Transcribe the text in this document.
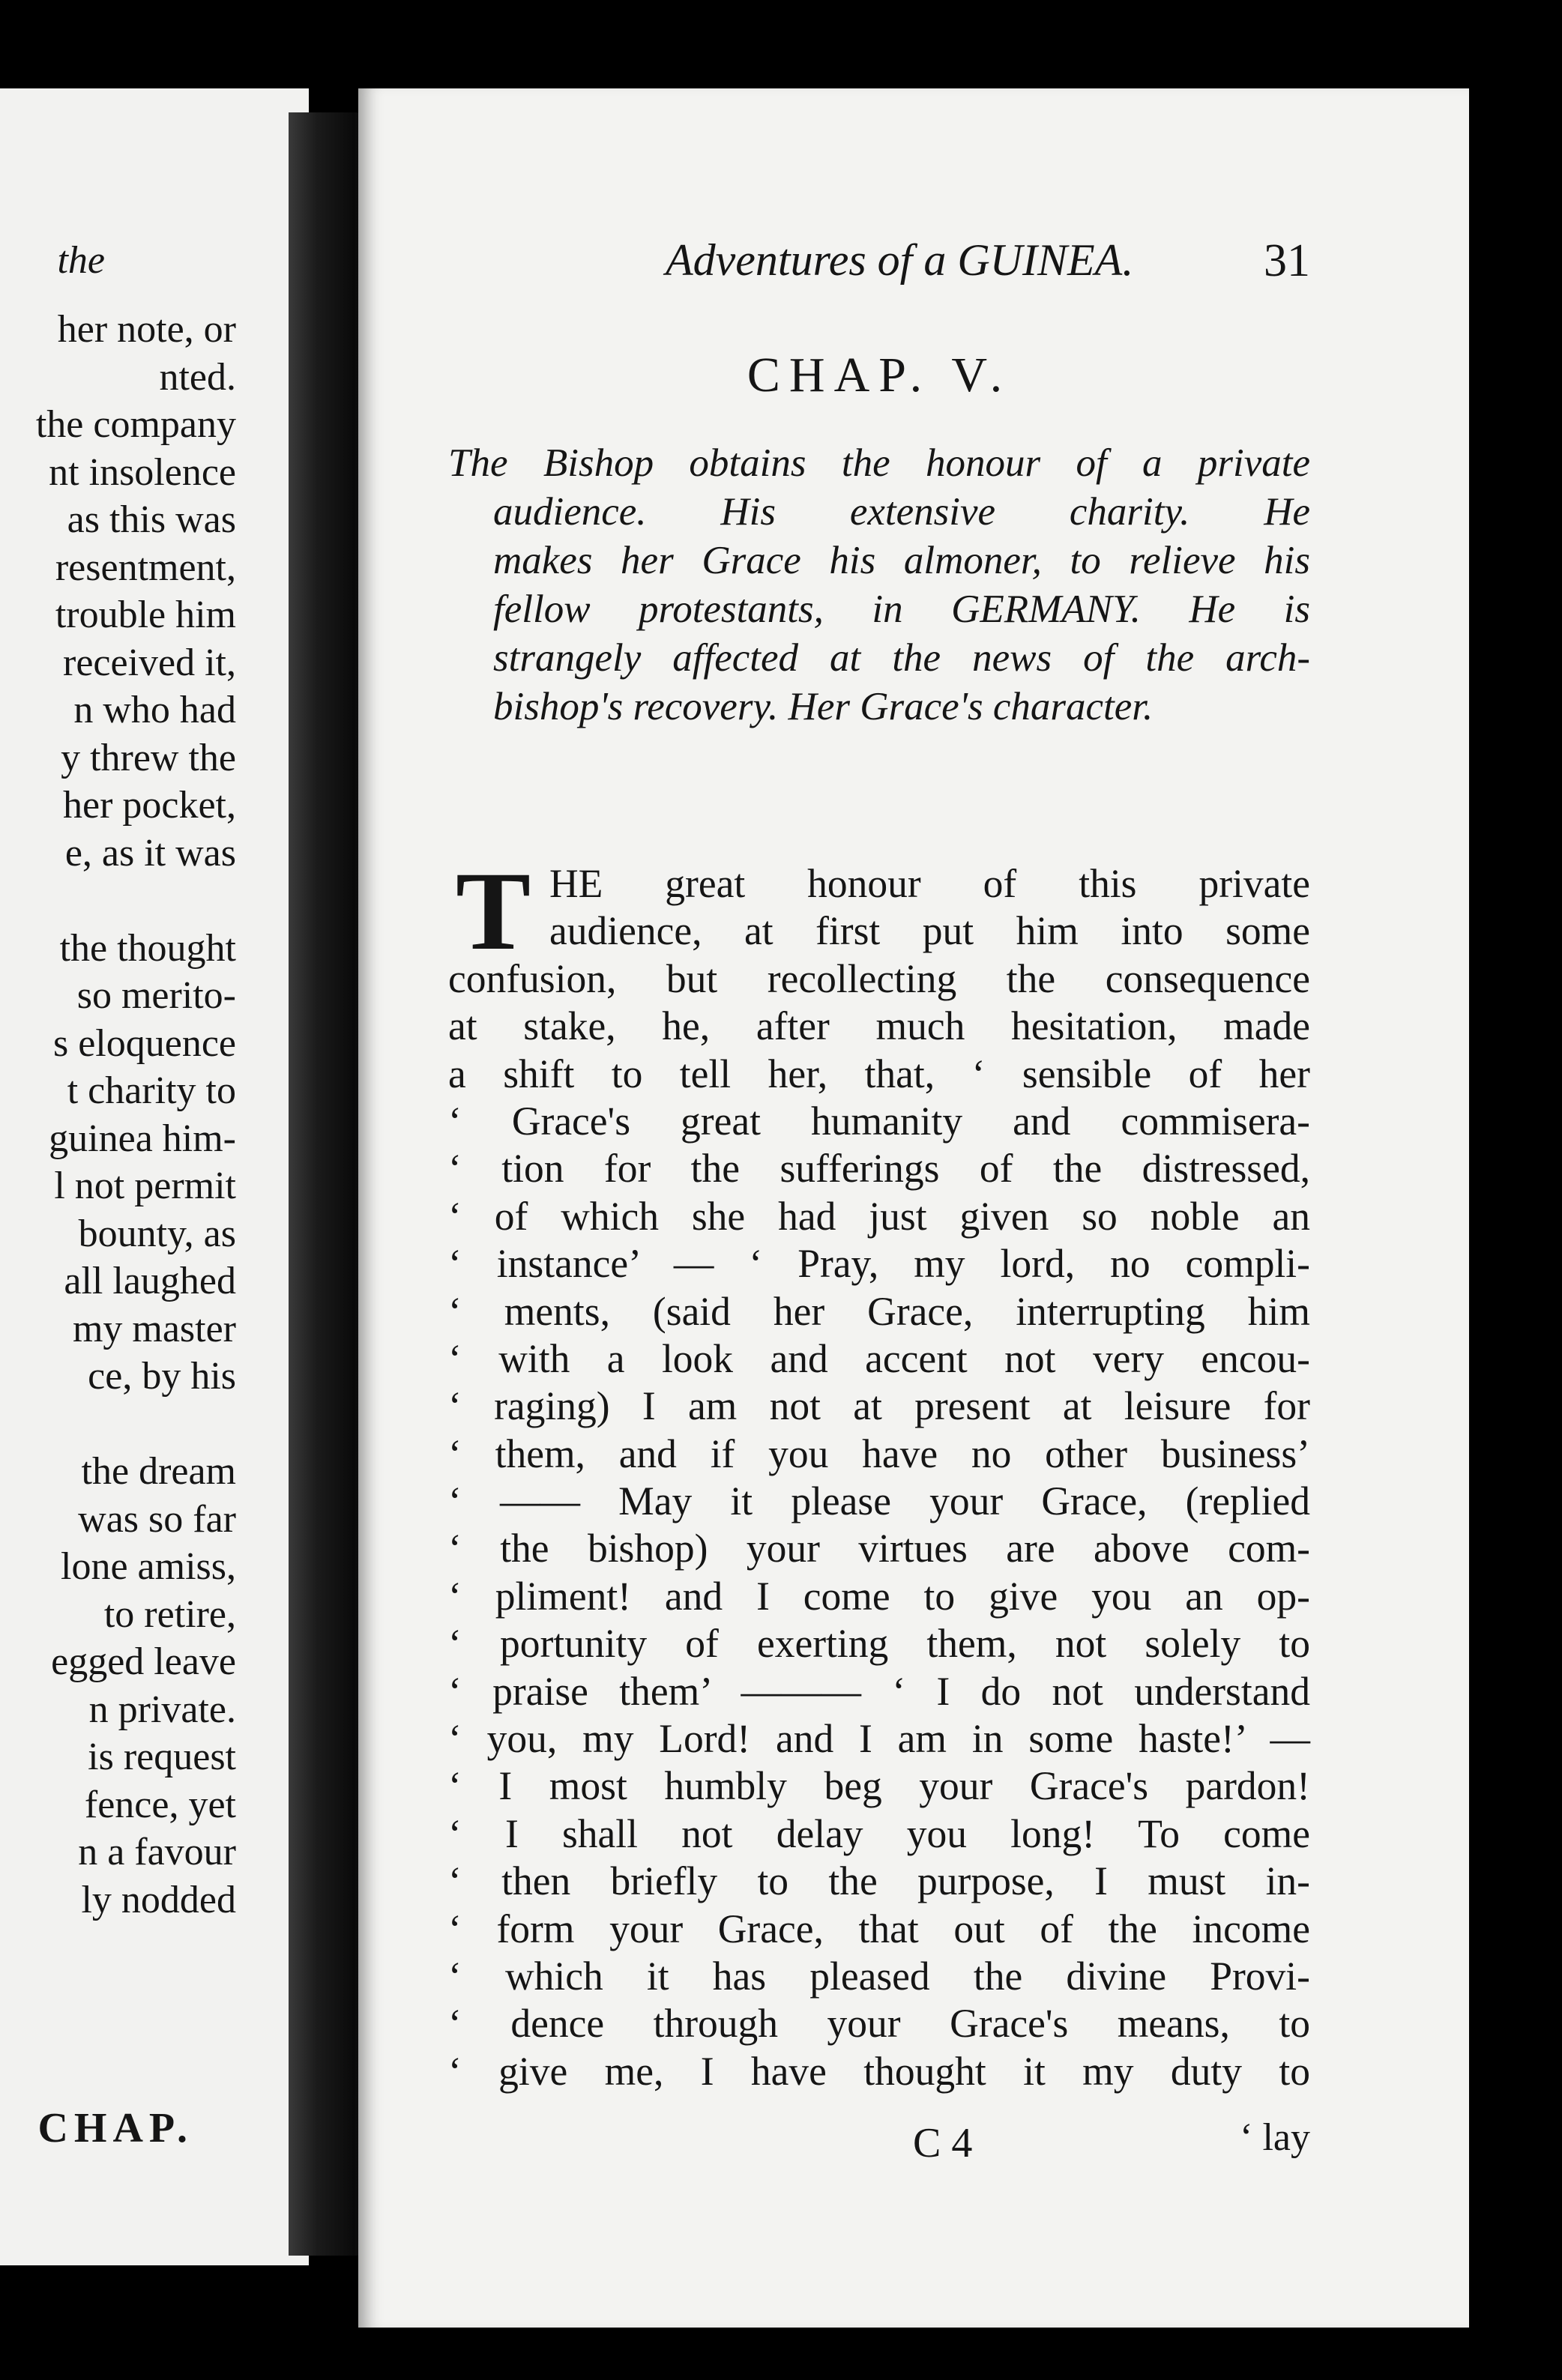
the
her note, or
nted.
the company
nt insolence
as this was
resentment,
trouble him
received it,
n who had
y threw the
her pocket,
e, as it was

the thought
so merito-
s eloquence
t charity to
guinea him-
l not permit
bounty, as
all laughed
my master
ce, by his

the dream
was so far
lone amiss,
to retire,
egged leave
n private.
is request
fence, yet
n a favour
ly nodded
CHAP.
Adventures of a GUINEA.	31
CHAP. V.
The Bishop obtains the honour of a private
audience. His extensive charity. He
makes her Grace his almoner, to relieve his
fellow protestants, in GERMANY. He is
strangely affected at the news of the arch-
bishop's recovery. Her Grace's character.
T HE great honour of this private
audience, at first put him into some
confusion, but recollecting the consequence
at stake, he, after much hesitation, made
a shift to tell her, that, ‘ sensible of her
‘ Grace's great humanity and commisera-
‘ tion for the sufferings of the distressed,
‘ of which she had just given so noble an
‘ instance’ — ‘ Pray, my lord, no compli-
‘ ments, (said her Grace, interrupting him
‘ with a look and accent not very encou-
‘ raging) I am not at present at leisure for
‘ them, and if you have no other business’
‘ —— May it please your Grace, (replied
‘ the bishop) your virtues are above com-
‘ pliment! and I come to give you an op-
‘ portunity of exerting them, not solely to
‘ praise them’ ——— ‘ I do not understand
‘ you, my Lord! and I am in some haste!’ —
‘ I most humbly beg your Grace's pardon!
‘ I shall not delay you long! To come
‘ then briefly to the purpose, I must in-
‘ form your Grace, that out of the income
‘ which it has pleased the divine Provi-
‘ dence through your Grace's means, to
‘ give me, I have thought it my duty to
C 4	‘ lay
